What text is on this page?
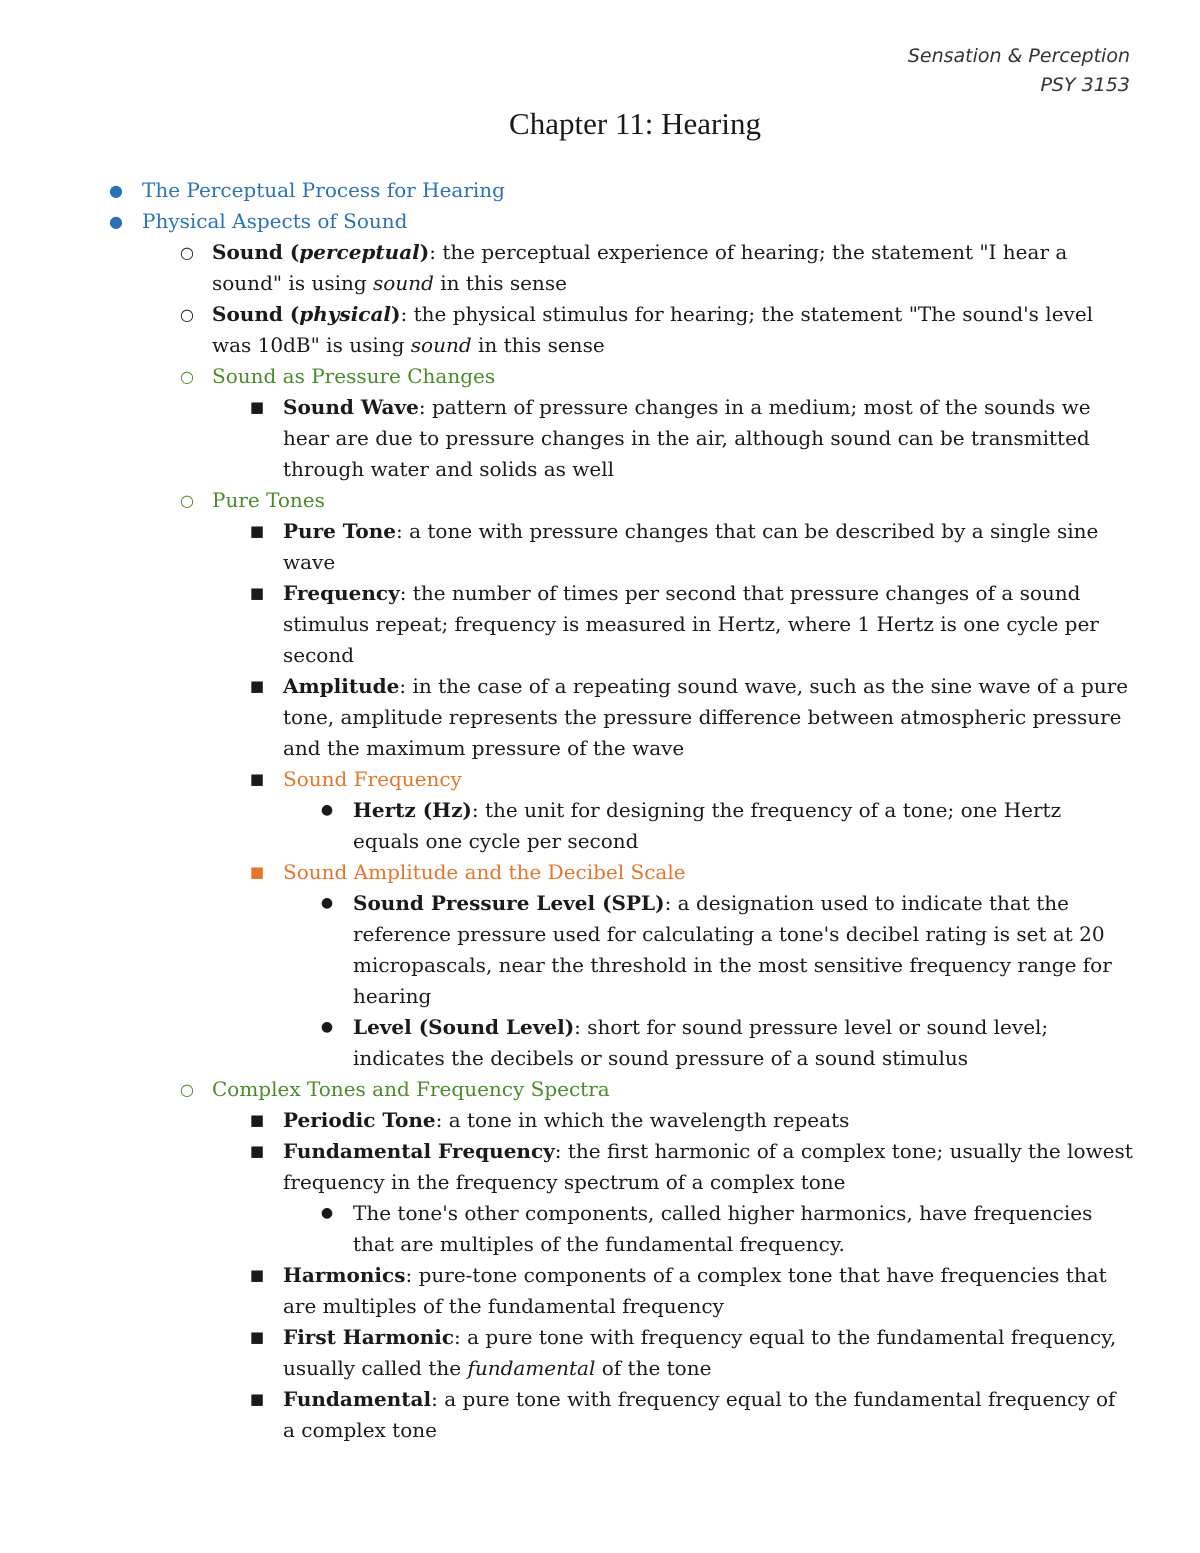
Sensation & Perception
PSY 3153
Chapter 11: Hearing
● The Perceptual Process for Hearing
● Physical Aspects of Sound
○ Sound (perceptual): the perceptual experience of hearing; the statement "I hear a sound" is using sound in this sense
○ Sound (physical): the physical stimulus for hearing; the statement "The sound's level was 10dB" is using sound in this sense
○ Sound as Pressure Changes
■ Sound Wave: pattern of pressure changes in a medium; most of the sounds we hear are due to pressure changes in the air, although sound can be transmitted through water and solids as well
○ Pure Tones
■ Pure Tone: a tone with pressure changes that can be described by a single sine wave
■ Frequency: the number of times per second that pressure changes of a sound stimulus repeat; frequency is measured in Hertz, where 1 Hertz is one cycle per second
■ Amplitude: in the case of a repeating sound wave, such as the sine wave of a pure tone, amplitude represents the pressure difference between atmospheric pressure and the maximum pressure of the wave
■ Sound Frequency
● Hertz (Hz): the unit for designing the frequency of a tone; one Hertz equals one cycle per second
■ Sound Amplitude and the Decibel Scale
● Sound Pressure Level (SPL): a designation used to indicate that the reference pressure used for calculating a tone's decibel rating is set at 20 micropascals, near the threshold in the most sensitive frequency range for hearing
● Level (Sound Level): short for sound pressure level or sound level; indicates the decibels or sound pressure of a sound stimulus
○ Complex Tones and Frequency Spectra
■ Periodic Tone: a tone in which the wavelength repeats
■ Fundamental Frequency: the first harmonic of a complex tone; usually the lowest frequency in the frequency spectrum of a complex tone
● The tone's other components, called higher harmonics, have frequencies that are multiples of the fundamental frequency.
■ Harmonics: pure-tone components of a complex tone that have frequencies that are multiples of the fundamental frequency
■ First Harmonic: a pure tone with frequency equal to the fundamental frequency, usually called the fundamental of the tone
■ Fundamental: a pure tone with frequency equal to the fundamental frequency of a complex tone
